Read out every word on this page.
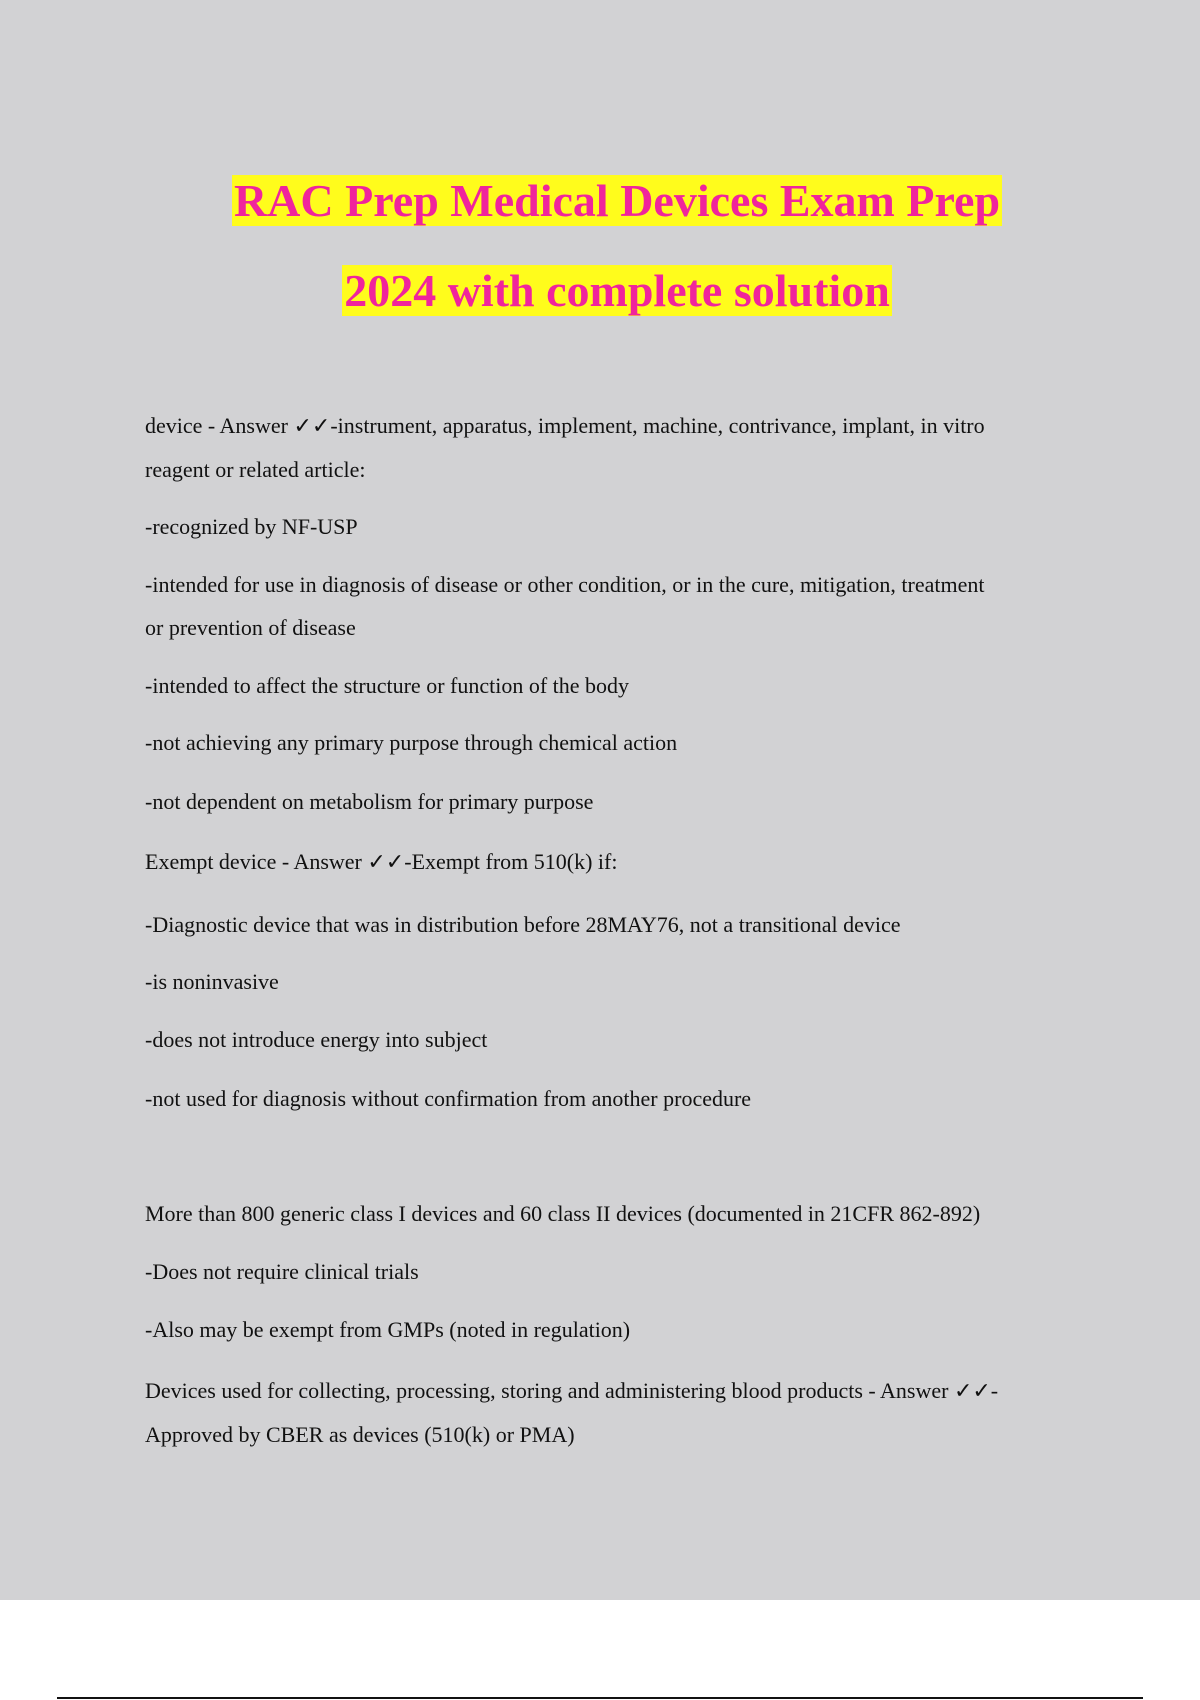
RAC Prep Medical Devices Exam Prep
2024 with complete solution
device - Answer ✓✓-instrument, apparatus, implement, machine, contrivance, implant, in vitro
reagent or related article:
-recognized by NF-USP
-intended for use in diagnosis of disease or other condition, or in the cure, mitigation, treatment
or prevention of disease
-intended to affect the structure or function of the body
-not achieving any primary purpose through chemical action
-not dependent on metabolism for primary purpose
Exempt device - Answer ✓✓-Exempt from 510(k) if:
-Diagnostic device that was in distribution before 28MAY76, not a transitional device
-is noninvasive
-does not introduce energy into subject
-not used for diagnosis without confirmation from another procedure
More than 800 generic class I devices and 60 class II devices (documented in 21CFR 862-892)
-Does not require clinical trials
-Also may be exempt from GMPs (noted in regulation)
Devices used for collecting, processing, storing and administering blood products - Answer ✓✓-
Approved by CBER as devices (510(k) or PMA)
